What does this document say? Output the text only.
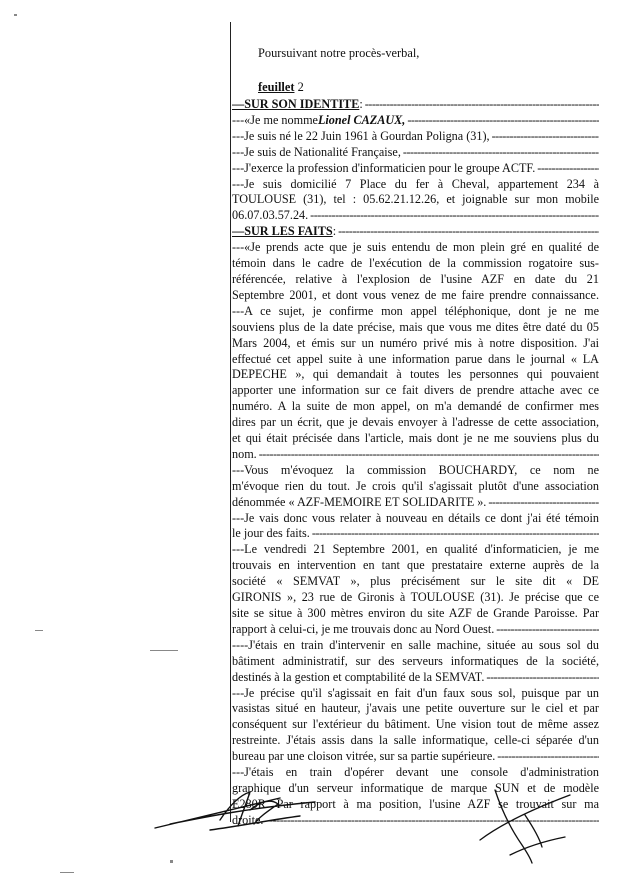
Poursuivant notre procès-verbal,
feuillet 2
—SUR SON IDENTITE :
-----
---«Je me nomme Lionel CAZAUX,
-----
---Je suis né le 22 Juin 1961 à Gourdan Poligna (31),
-----
---Je suis de Nationalité Française,
-----
---J'exerce la profession d'informaticien pour le groupe ACTF.
-----
---Je suis domicilié 7 Place du fer à Cheval, appartement 234 à
TOULOUSE (31), tel : 05.62.21.12.26, et joignable sur mon mobile
06.07.03.57.24.
-----
—SUR LES FAITS :
-----
---«Je prends acte que je suis entendu de mon plein gré en qualité de
témoin dans le cadre de l'exécution de la commission rogatoire sus-
référencée, relative à l'explosion de l'usine AZF en date du 21
Septembre 2001, et dont vous venez de me faire prendre connaissance.
---A ce sujet, je confirme mon appel téléphonique, dont je ne me
souviens plus de la date précise, mais que vous me dites être daté du 05
Mars 2004, et émis sur un numéro privé mis à notre disposition. J'ai
effectué cet appel suite à une information parue dans le journal « LA
DEPECHE », qui demandait à toutes les personnes qui pouvaient
apporter une information sur ce fait divers de prendre attache avec ce
numéro. A la suite de mon appel, on m'a demandé de confirmer mes
dires par un écrit, que je devais envoyer à l'adresse de cette association,
et qui était précisée dans l'article, mais dont je ne me souviens plus du
nom.
-----
---Vous m'évoquez la commission BOUCHARDY, ce nom ne
m'évoque rien du tout. Je crois qu'il s'agissait plutôt d'une association
dénommée « AZF-MEMOIRE ET SOLIDARITE ».
-----
---Je vais donc vous relater à nouveau en détails ce dont j'ai été témoin
le jour des faits.
-----
---Le vendredi 21 Septembre 2001, en qualité d'informaticien, je me
trouvais en intervention en tant que prestataire externe auprès de la
société « SEMVAT », plus précisément sur le site dit « DE
GIRONIS », 23 rue de Gironis à TOULOUSE (31). Je précise que ce
site se situe à 300 mètres environ du site AZF de Grande Paroisse. Par
rapport à celui-ci, je me trouvais donc au Nord Ouest.
-----
----J'étais en train d'intervenir en salle machine, située au sous sol du
bâtiment administratif, sur des serveurs informatiques de la société,
destinés à la gestion et comptabilité de la SEMVAT.
-----
---Je précise qu'il s'agissait en fait d'un faux sous sol, puisque par un
vasistas situé en hauteur, j'avais une petite ouverture sur le ciel et par
conséquent sur l'extérieur du bâtiment. Une vision tout de même assez
restreinte. J'étais assis dans la salle informatique, celle-ci séparée d'un
bureau par une cloison vitrée, sur sa partie supérieure.
-----
---J'étais en train d'opérer devant une console d'administration
graphique d'un serveur informatique de marque SUN et de modèle
E280R. Par rapport à ma position, l'usine AZF se trouvait sur ma
droite.
-----
